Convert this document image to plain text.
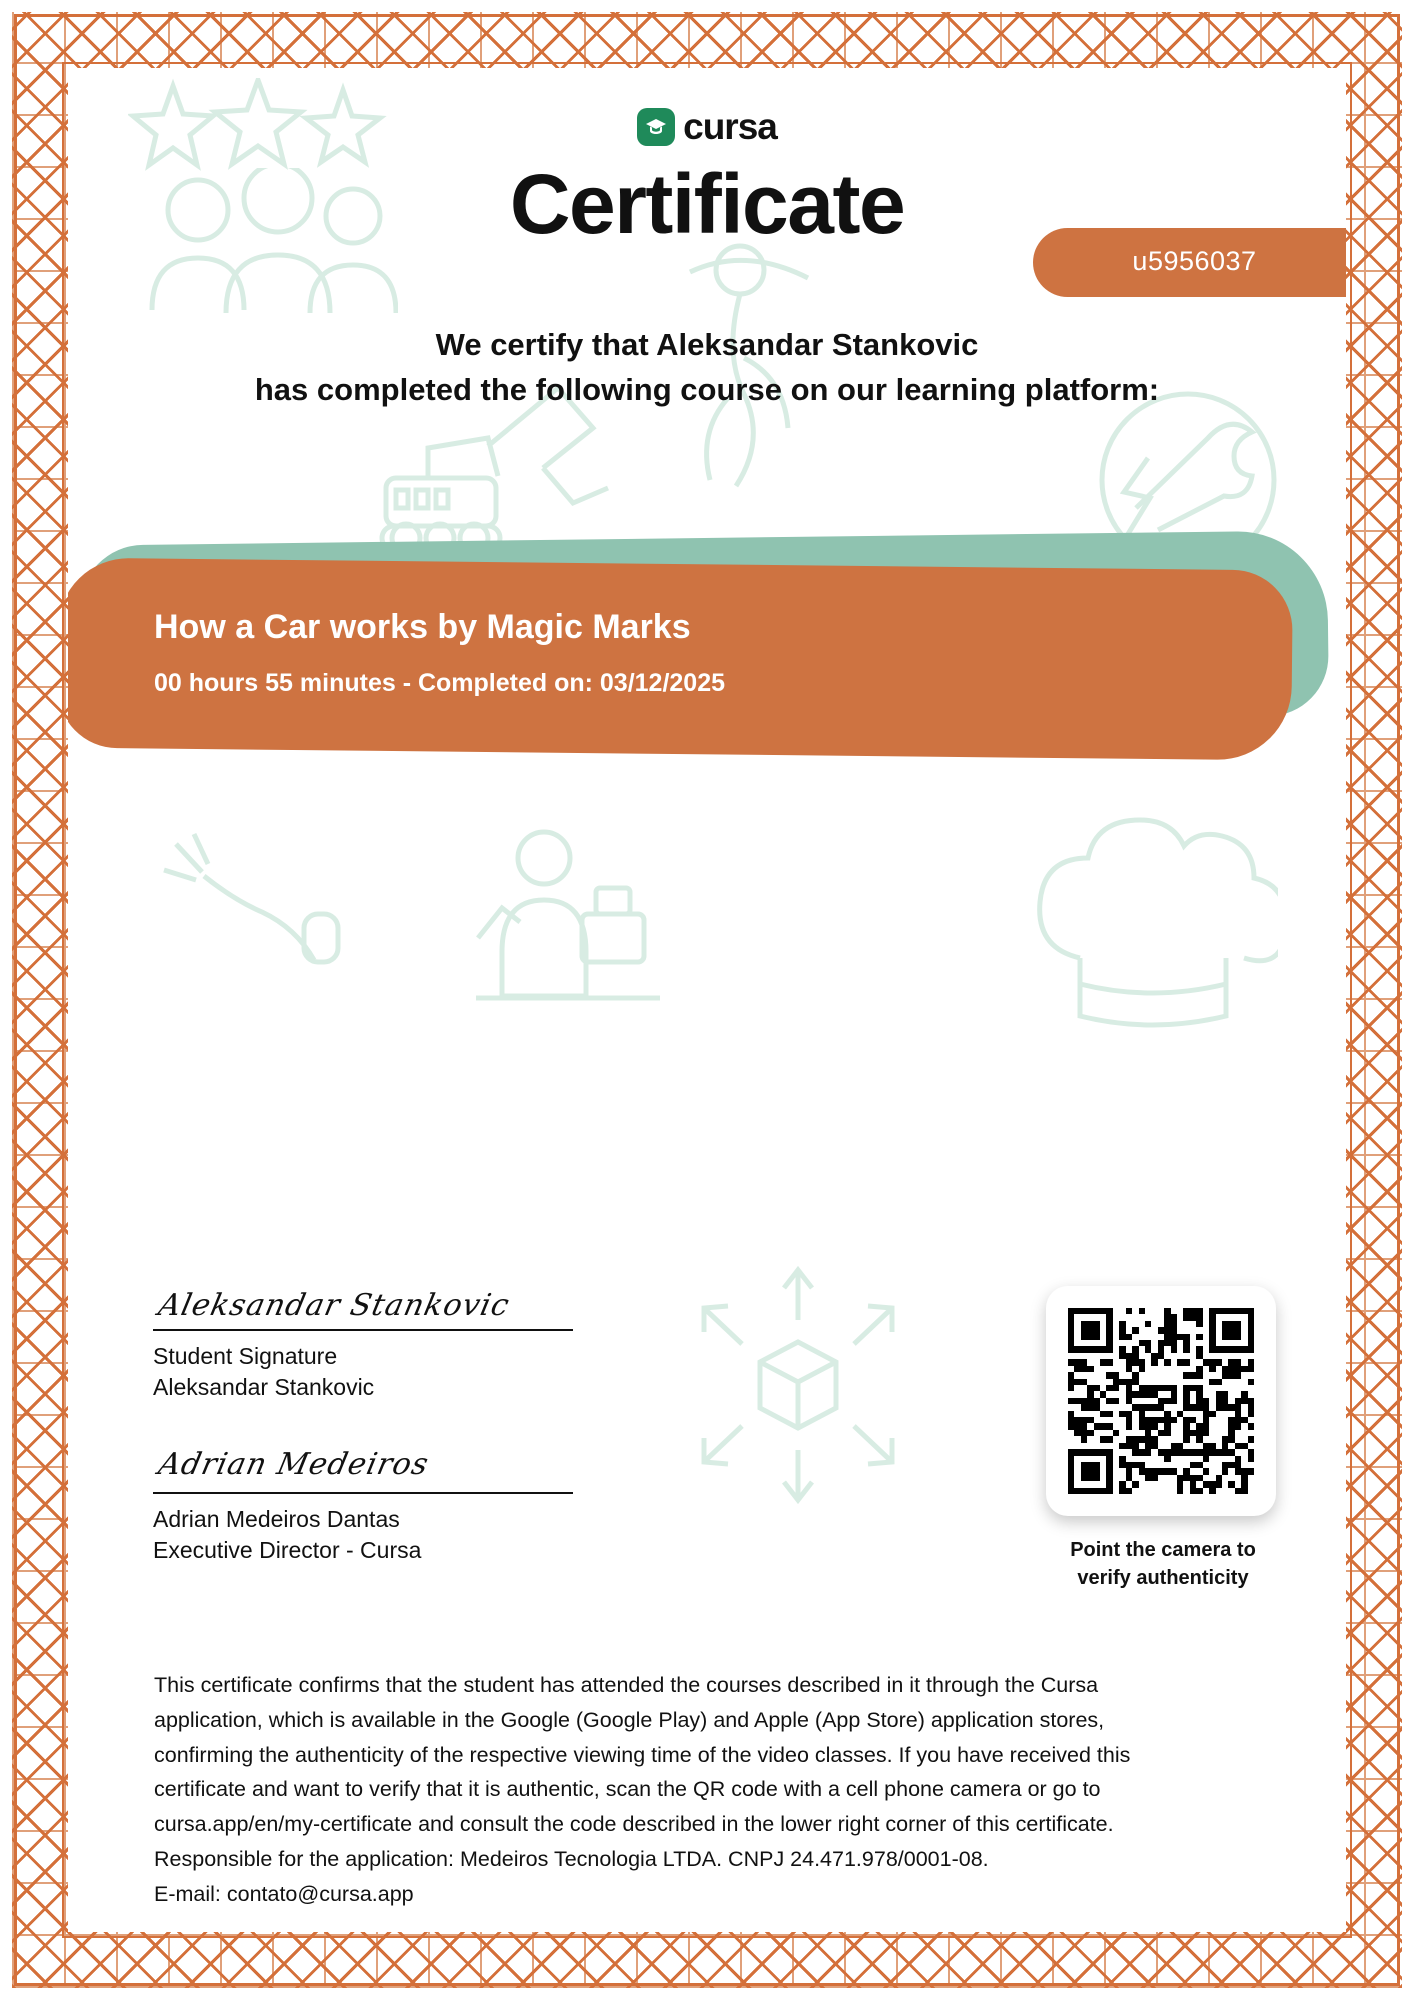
cursa
Certificate
u5956037
We certify that Aleksandar Stankovic
has completed the following course on our learning platform:
How a Car works by Magic Marks
00 hours 55 minutes - Completed on: 03/12/2025
Aleksandar Stankovic
Student Signature
Aleksandar Stankovic
Adrian Medeiros
Adrian Medeiros Dantas
Executive Director - Cursa	Point the camera to
verify authenticity

This certificate confirms that the student has attended the courses described in it through the Cursa

application, which is available in the Google (Google Play) and Apple (App Store) application stores,

confirming the authenticity of the respective viewing time of the video classes. If you have received this

certificate and want to verify that it is authentic, scan the QR code with a cell phone camera or go to

cursa.app/en/my-certificate and consult the code described in the lower right corner of this certificate.

Responsible for the application: Medeiros Tecnologia LTDA. CNPJ 24.471.978/0001-08.

E-mail: contato@cursa.app
